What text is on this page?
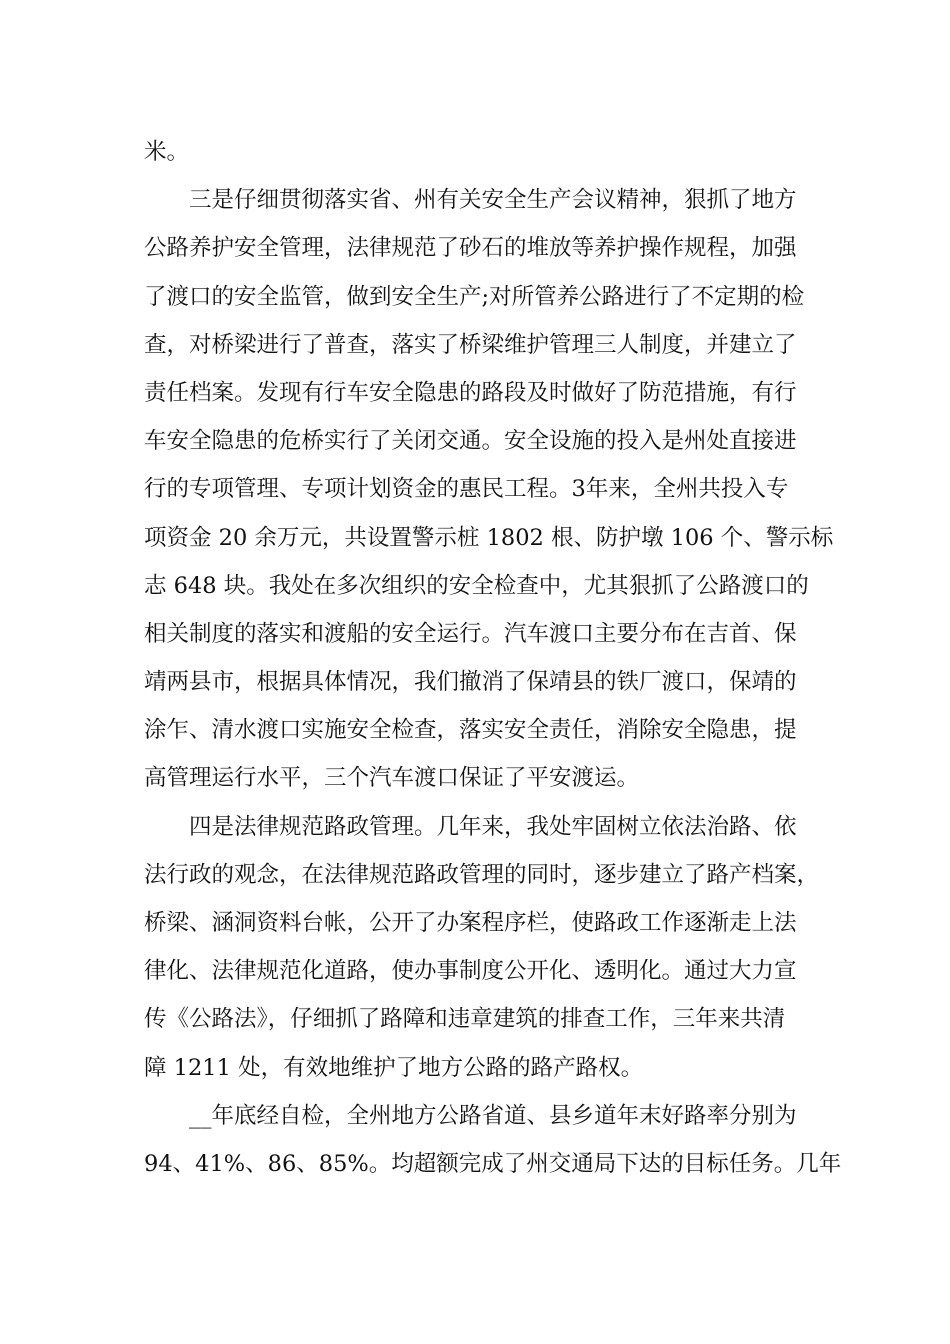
米。
三是仔细贯彻落实省、州有关安全生产会议精神，狠抓了地方
公路养护安全管理，法律规范了砂石的堆放等养护操作规程，加强
了渡口的安全监管，做到安全生产;对所管养公路进行了不定期的检
查，对桥梁进行了普查，落实了桥梁维护管理三人制度，并建立了
责任档案。发现有行车安全隐患的路段及时做好了防范措施，有行
车安全隐患的危桥实行了关闭交通。安全设施的投入是州处直接进
行的专项管理、专项计划资金的惠民工程。3年来，全州共投入专
项资金 20 余万元，共设置警示桩 1802 根、防护墩 106 个、警示标
志 648 块。我处在多次组织的安全检查中，尤其狠抓了公路渡口的
相关制度的落实和渡船的安全运行。汽车渡口主要分布在吉首、保
靖两县市，根据具体情况，我们撤消了保靖县的铁厂渡口，保靖的
涂乍、清水渡口实施安全检查，落实安全责任，消除安全隐患，提
高管理运行水平，三个汽车渡口保证了平安渡运。
四是法律规范路政管理。几年来，我处牢固树立依法治路、依
法行政的观念，在法律规范路政管理的同时，逐步建立了路产档案，
桥梁、涵洞资料台帐，公开了办案程序栏，使路政工作逐渐走上法
律化、法律规范化道路，使办事制度公开化、透明化。通过大力宣
传《公路法》，仔细抓了路障和违章建筑的排查工作，三年来共清
障 1211 处，有效地维护了地方公路的路产路权。
__年底经自检，全州地方公路省道、县乡道年末好路率分别为
94、41%、86、85%。均超额完成了州交通局下达的目标任务。几年
